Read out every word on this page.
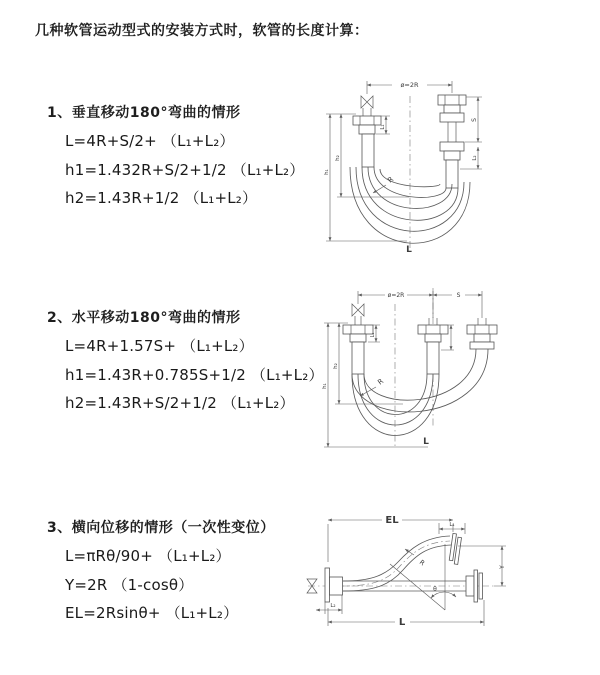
几种软管运动型式的安装方式时，软管的长度计算：
1、垂直移动180°弯曲的情形
L=4R+S/2+ （L₁+L₂）
h1=1.432R+S/2+1/2 （L₁+L₂）
h2=1.43R+1/2 （L₁+L₂）
2、水平移动180°弯曲的情形
L=4R+1.57S+ （L₁+L₂）
h1=1.43R+0.785S+1/2 （L₁+L₂）
h2=1.43R+S/2+1/2 （L₁+L₂）
3、横向位移的情形（一次性变位）
L=πRθ/90+ （L₁+L₂）
Y=2R （1-cosθ）
EL=2Rsinθ+ （L₁+L₂）
ø=2R
L₁
S
L₂
h₁
h₂
R
L
ø=2R	S
h₁
h₂
L₁
R
L
EL	L₁
Y
θ
R
L
L₂
